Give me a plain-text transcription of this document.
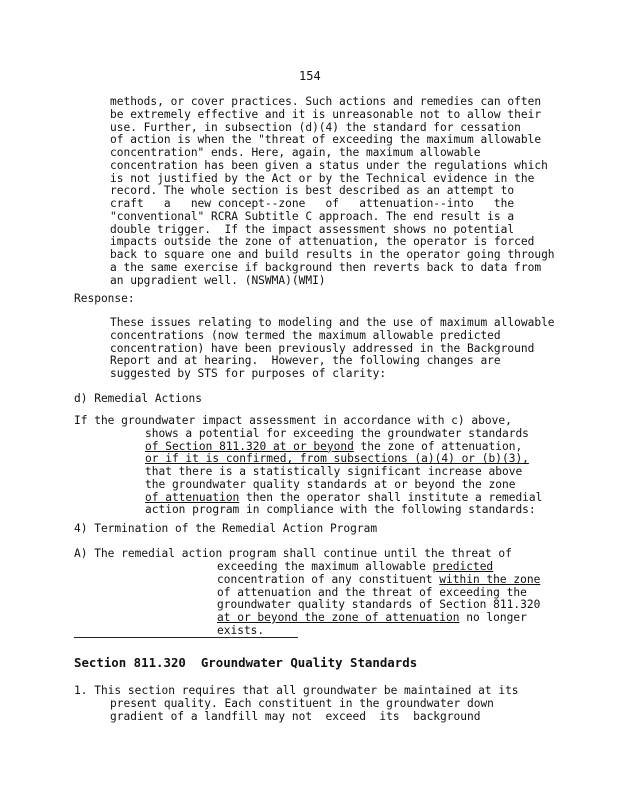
154
methods, or cover practices. Such actions and remedies can often
be extremely effective and it is unreasonable not to allow their
use. Further, in subsection (d)(4) the standard for cessation
of action is when the "threat of exceeding the maximum allowable
concentration" ends. Here, again, the maximum allowable
concentration has been given a status under the regulations which
is not justified by the Act or by the Technical evidence in the
record. The whole section is best described as an attempt to
craft   a   new concept--zone   of   attenuation--into   the
"conventional" RCRA Subtitle C approach. The end result is a
double trigger.  If the impact assessment shows no potential
impacts outside the zone of attenuation, the operator is forced
back to square one and build results in the operator going through
a the same exercise if background then reverts back to data from
an upgradient well. (NSWMA)(WMI)
Response:
These issues relating to modeling and the use of maximum allowable
concentrations (now termed the maximum allowable predicted
concentration) have been previously addressed in the Background
Report and at hearing.  However, the following changes are
suggested by STS for purposes of clarity:
d) Remedial Actions
If the groundwater impact assessment in accordance with c) above,
shows a potential for exceeding the groundwater standards
of Section 811.320 at or beyond the zone of attenuation,
or if it is confirmed, from subsections (a)(4) or (b)(3),
that there is a statistically significant increase above
the groundwater quality standards at or beyond the zone
of attenuation then the operator shall institute a remedial
action program in compliance with the following standards:
4) Termination of the Remedial Action Program
A) The remedial action program shall continue until the threat of
exceeding the maximum allowable predicted
concentration of any constituent within the zone
of attenuation and the threat of exceeding the
groundwater quality standards of Section 811.320
at or beyond the zone of attenuation no longer
exists.
Section 811.320  Groundwater Quality Standards
1. This section requires that all groundwater be maintained at its
present quality. Each constituent in the groundwater down
gradient of a landfill may not  exceed  its  background
